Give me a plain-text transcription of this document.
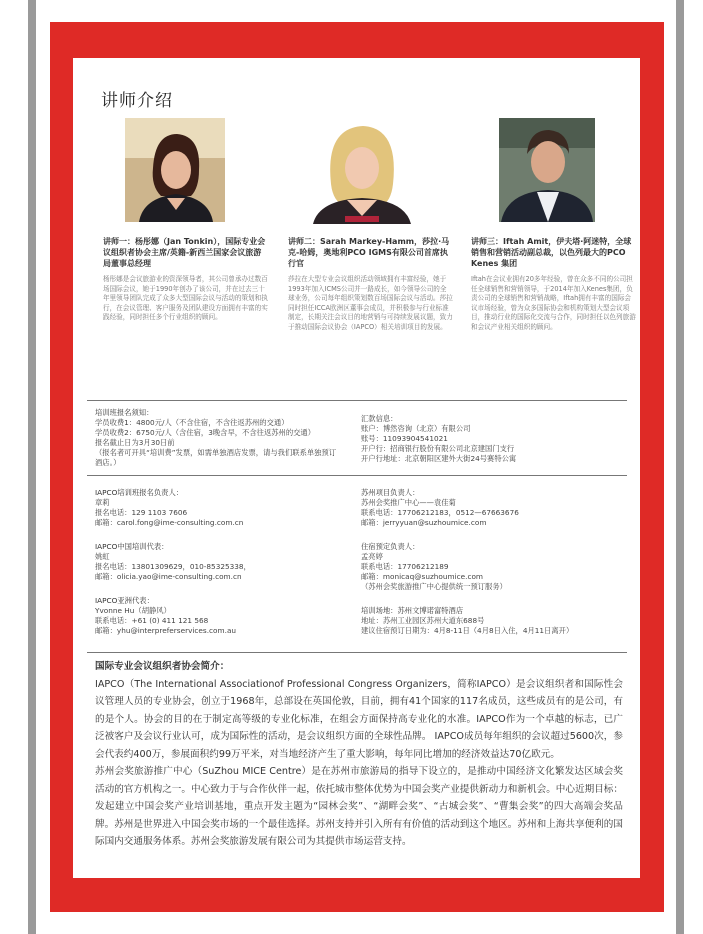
讲师介绍
讲师一：杨彤娜（Jan Tonkin），国际专业会议组织者协会主席/英籍-新西兰国家会议旅游局董事总经理
杨彤娜是会议旅游业的资深领导者，其公司曾承办过数百场国际会议，她于1990年创办了该公司，并在过去三十年里领导团队完成了众多大型国际会议与活动的策划和执行，在会议管理、客户服务及团队建设方面拥有丰富的实践经验，同时担任多个行业组织的顾问。
讲师二：Sarah Markey-Hamm，莎拉·马克-哈姆，奥地利PCO IGMS有限公司首席执行官
莎拉在大型专业会议组织活动领域拥有丰富经验，她于1993年加入ICMS公司并一路成长，如今领导公司的全球业务，公司每年组织策划数百场国际会议与活动。莎拉同时担任ICCA欧洲区董事会成员，并积极参与行业标准制定，长期关注会议目的地营销与可持续发展议题，致力于推动国际会议协会（IAPCO）相关培训项目的发展。
讲师三：Iftah Amit，伊夫塔·阿迷特，全球销售和营销活动副总裁，以色列最大的PCO Kenes 集团
Iftah在会议业拥有20多年经验，曾在众多不同的公司担任全球销售和营销领导，于2014年加入Kenes集团，负责公司的全球销售和营销战略，Iftah拥有丰富的国际会议市场经验，曾为众多国际协会和机构策划大型会议项目，推动行业的国际化交流与合作，同时担任以色列旅游和会议产业相关组织的顾问。
培训班报名须知：
学员收费1：4800元/人（不含住宿，不含往返苏州的交通）
学员收费2：6750元/人（含住宿，3晚含早，不含往返苏州的交通）
报名截止日为3月30日前
（报名者可开具“培训费”发票，如需单独酒店发票，请与我们联系单独预订酒店。）
汇款信息：
账户：博然咨询（北京）有限公司
账号：11093904541021
开户行：招商银行股份有限公司北京建国门支行
开户行地址：北京朝阳区建外大街24号赛特公寓
IAPCO培训班报名负责人：
章莉
报名电话：129 1103 7606
邮箱：carol.fong@ime-consulting.com.cn
IAPCO中国培训代表：
姚虹
报名电话：13801309629，010-85325338，
邮箱：olicia.yao@ime-consulting.com.cn
IAPCO亚洲代表：
Yvonne Hu（胡静风）
联系电话：+61 (0) 411 121 568
邮箱：yhu@interpreferservices.com.au
苏州项目负责人：
苏州会奖推广中心——袁佳菊
联系电话：17706212183，0512—67663676
邮箱：jerryyuan@suzhoumice.com
住宿预定负责人：
孟亮婷
联系电话：17706212189
邮箱：monicaq@suzhoumice.com
（苏州会奖旅游推广中心提供统一预订服务）
培训场地：苏州文博诺富特酒店
地址：苏州工业园区苏州大道东688号
建议住宿预订日期为：4月8-11日（4月8日入住，4月11日离开）
国际专业会议组织者协会简介：
IAPCO（The International Associationof Professional Congress Organizers，简称IAPCO）是会议组织者和国际性会议管理人员的专业协会，创立于1968年，总部设在英国伦敦，目前，拥有41个国家的117名成员，这些成员有的是公司，有的是个人。协会的目的在于制定高等级的专业化标准，在组会方面保持高专业化的水准。IAPCO作为一个卓越的标志，已广泛被客户及会议行业认可，成为国际性的活动，是会议组织方面的全球性品牌。 IAPCO成员每年组织的会议超过5600次，参会代表约400万，参展面积约99万平米，对当地经济产生了重大影响，每年同比增加的经济效益达70亿欧元。
苏州会奖旅游推广中心（SuZhou MICE Centre）是在苏州市旅游局的指导下设立的，是推动中国经济文化繁发达区域会奖活动的官方机构之一。中心致力于与合作伙伴一起，依托城市整体优势为中国会奖产业提供新动力和新机会。中心近期目标：发起建立中国会奖产业培训基地，重点开发主题为“园林会奖”、“湖畔会奖”、“古城会奖”、“曹集会奖”的四大高端会奖品牌。苏州是世界进入中国会奖市场的一个最佳选择。苏州支持并引入所有有价值的活动到这个地区。苏州和上海共享便利的国际国内交通服务体系。苏州会奖旅游发展有限公司为其提供市场运营支持。
